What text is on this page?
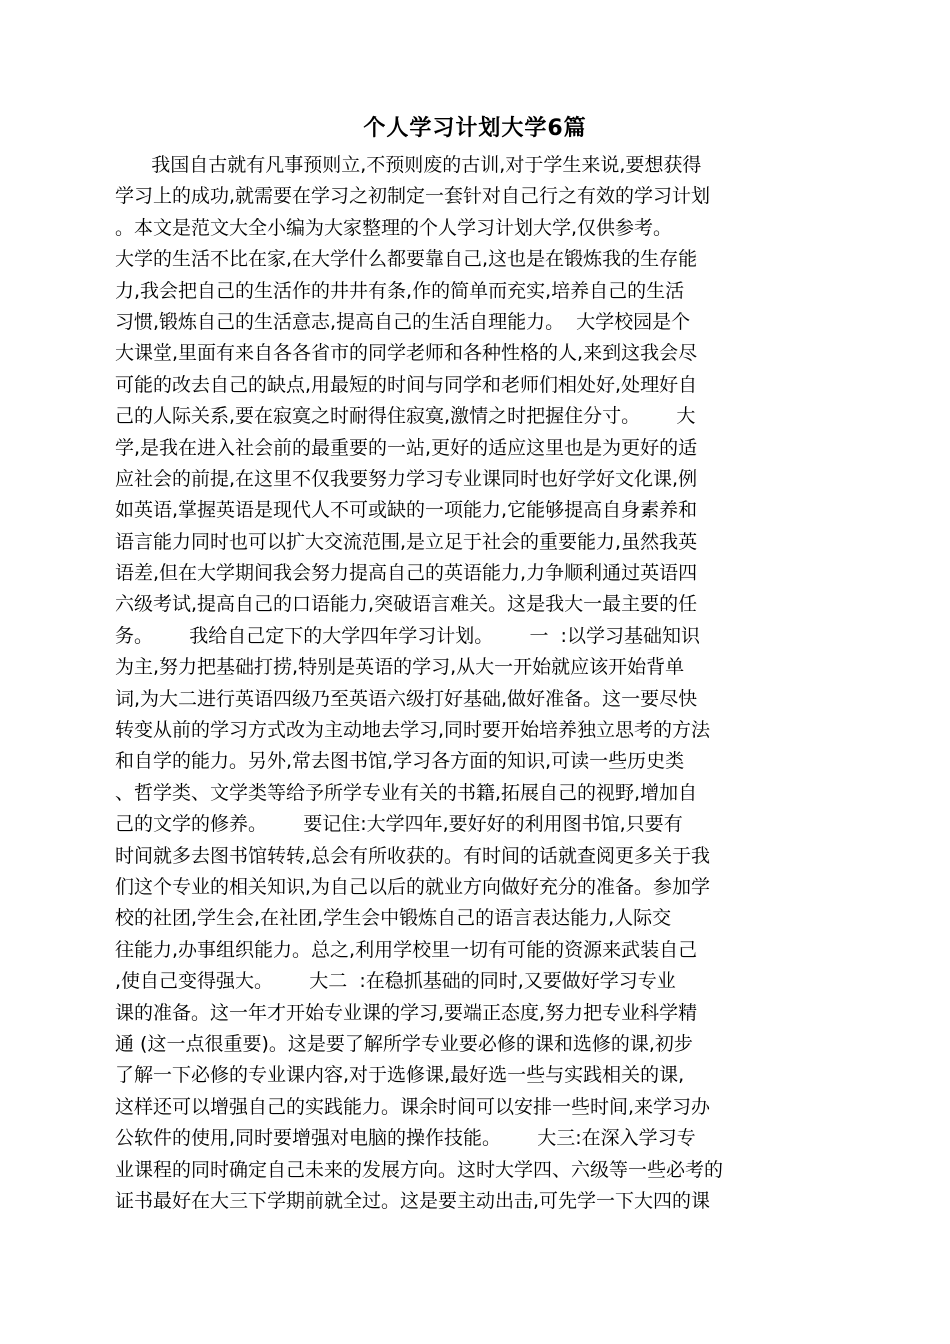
个人学习计划大学6篇
我国自古就有凡事预则立,不预则废的古训,对于学生来说,要想获得
学习上的成功,就需要在学习之初制定一套针对自己行之有效的学习计划
。本文是范文大全小编为大家整理的个人学习计划大学,仅供参考。
大学的生活不比在家,在大学什么都要靠自己,这也是在锻炼我的生存能
力,我会把自己的生活作的井井有条,作的简单而充实,培养自己的生活
习惯,锻炼自己的生活意志,提高自己的生活自理能力。  大学校园是个
大课堂,里面有来自各各省市的同学老师和各种性格的人,来到这我会尽
可能的改去自己的缺点,用最短的时间与同学和老师们相处好,处理好自
己的人际关系,要在寂寞之时耐得住寂寞,激情之时把握住分寸。      大
学,是我在进入社会前的最重要的一站,更好的适应这里也是为更好的适
应社会的前提,在这里不仅我要努力学习专业课同时也好学好文化课,例
如英语,掌握英语是现代人不可或缺的一项能力,它能够提高自身素养和
语言能力同时也可以扩大交流范围,是立足于社会的重要能力,虽然我英
语差,但在大学期间我会努力提高自己的英语能力,力争顺利通过英语四
六级考试,提高自己的口语能力,突破语言难关。这是我大一最主要的任
务。      我给自己定下的大学四年学习计划。      一  :以学习基础知识
为主,努力把基础打捞,特别是英语的学习,从大一开始就应该开始背单
词,为大二进行英语四级乃至英语六级打好基础,做好准备。这一要尽快
转变从前的学习方式改为主动地去学习,同时要开始培养独立思考的方法
和自学的能力。另外,常去图书馆,学习各方面的知识,可读一些历史类
、哲学类、文学类等给予所学专业有关的书籍,拓展自己的视野,增加自
己的文学的修养。      要记住:大学四年,要好好的利用图书馆,只要有
时间就多去图书馆转转,总会有所收获的。有时间的话就查阅更多关于我
们这个专业的相关知识,为自己以后的就业方向做好充分的准备。参加学
校的社团,学生会,在社团,学生会中锻炼自己的语言表达能力,人际交
往能力,办事组织能力。总之,利用学校里一切有可能的资源来武装自己
,使自己变得强大。      大二  :在稳抓基础的同时,又要做好学习专业
课的准备。这一年才开始专业课的学习,要端正态度,努力把专业科学精
通 (这一点很重要)。这是要了解所学专业要必修的课和选修的课,初步
了解一下必修的专业课内容,对于选修课,最好选一些与实践相关的课,
这样还可以增强自己的实践能力。课余时间可以安排一些时间,来学习办
公软件的使用,同时要增强对电脑的操作技能。      大三:在深入学习专
业课程的同时确定自己未来的发展方向。这时大学四、六级等一些必考的
证书最好在大三下学期前就全过。这是要主动出击,可先学一下大四的课
